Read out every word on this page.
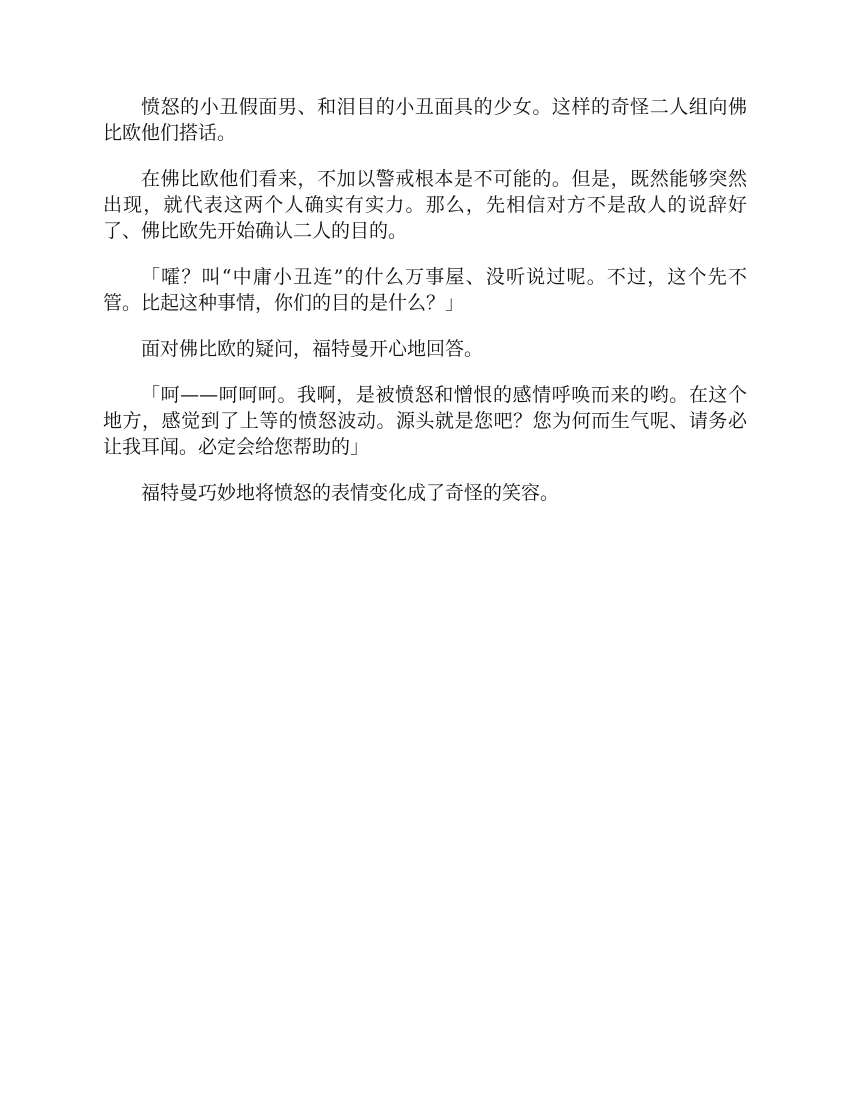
愤怒的小丑假面男、和泪目的小丑面具的少女。这样的奇怪二人组向佛比欧他们搭话。

在佛比欧他们看来，不加以警戒根本是不可能的。但是，既然能够突然出现，就代表这两个人确实有实力。那么，先相信对方不是敌人的说辞好了、佛比欧先开始确认二人的目的。

「嚯？叫“中庸小丑连”的什么万事屋、没听说过呢。不过，这个先不管。比起这种事情，你们的目的是什么？」

面对佛比欧的疑问，福特曼开心地回答。

「呵——呵呵呵。我啊，是被愤怒和憎恨的感情呼唤而来的哟。在这个地方，感觉到了上等的愤怒波动。源头就是您吧？您为何而生气呢、请务必让我耳闻。必定会给您帮助的」

福特曼巧妙地将愤怒的表情变化成了奇怪的笑容。
